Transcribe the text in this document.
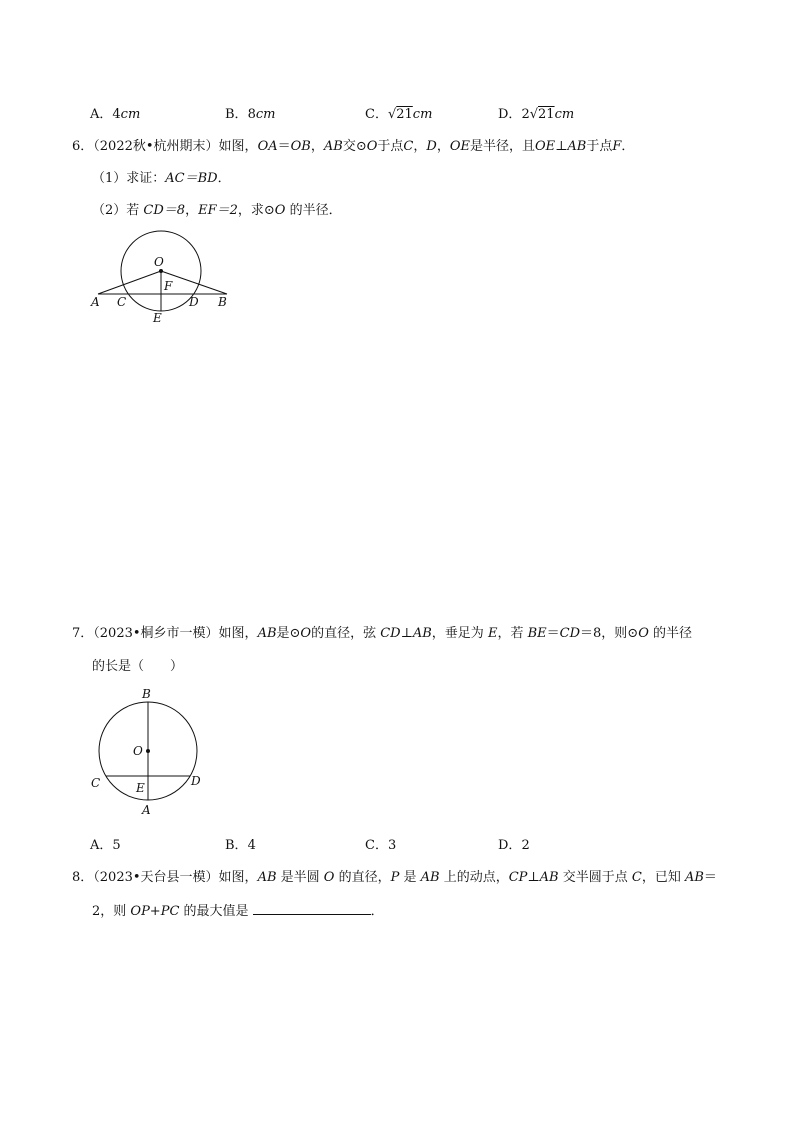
A．4cm	B．8cm	C．√21cm	D．2√21cm
6．（2022秋•杭州期末）如图，OA＝OB，AB交⊙O于点C，D，OE是半径，且OE⊥AB于点F．
（1）求证：AC＝BD．
（2）若 CD＝8，EF＝2，求⊙O 的半径．
O
A C
F
D B
E
7．（2023•桐乡市一模）如图，AB是⊙O的直径，弦 CD⊥AB，垂足为 E，若 BE＝CD＝8，则⊙O 的半径
的长是（　　）
B
O
C	D
E
A
A．5	B．4	C．3	D．2
8．（2023•天台县一模）如图，AB 是半圆 O 的直径，P 是 AB 上的动点，CP⊥AB 交半圆于点 C，已知 AB＝
2，则 OP+PC 的最大值是	．
